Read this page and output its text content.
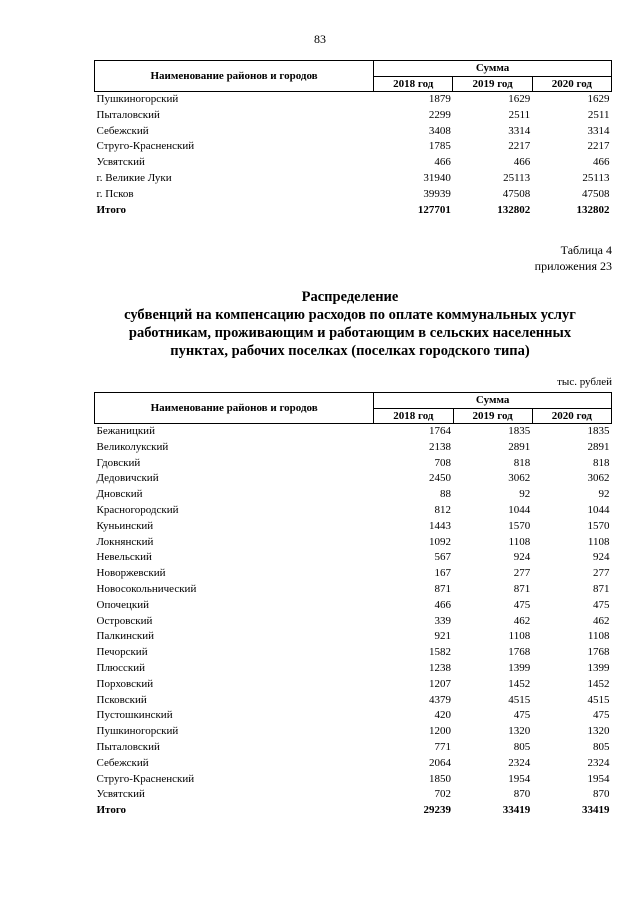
83
Наименование районов и городов	Сумма		
	2018 год	2019 год	2020 год
Пушкиногорский	1879	1629	1629
Пыталовский	2299	2511	2511
Себежский	3408	3314	3314
Струго-Красненский	1785	2217	2217
Усвятский	466	466	466
г. Великие Луки	31940	25113	25113
г. Псков	39939	47508	47508
Итого	127701	132802	132802
Таблица 4
приложения 23
Распределение
субвенций на компенсацию расходов по оплате коммунальных услуг
работникам, проживающим и работающим в сельских населенных
пунктах, рабочих поселках (поселках городского типа)
тыс. рублей
Наименование районов и городов	Сумма		
	2018 год	2019 год	2020 год
Бежаницкий	1764	1835	1835
Великолукский	2138	2891	2891
Гдовский	708	818	818
Дедовичский	2450	3062	3062
Дновский	88	92	92
Красногородский	812	1044	1044
Куньинский	1443	1570	1570
Локнянский	1092	1108	1108
Невельский	567	924	924
Новоржевский	167	277	277
Новосокольнический	871	871	871
Опочецкий	466	475	475
Островский	339	462	462
Палкинский	921	1108	1108
Печорский	1582	1768	1768
Плюсский	1238	1399	1399
Порховский	1207	1452	1452
Псковский	4379	4515	4515
Пустошкинский	420	475	475
Пушкиногорский	1200	1320	1320
Пыталовский	771	805	805
Себежский	2064	2324	2324
Струго-Красненский	1850	1954	1954
Усвятский	702	870	870
Итого	29239	33419	33419
